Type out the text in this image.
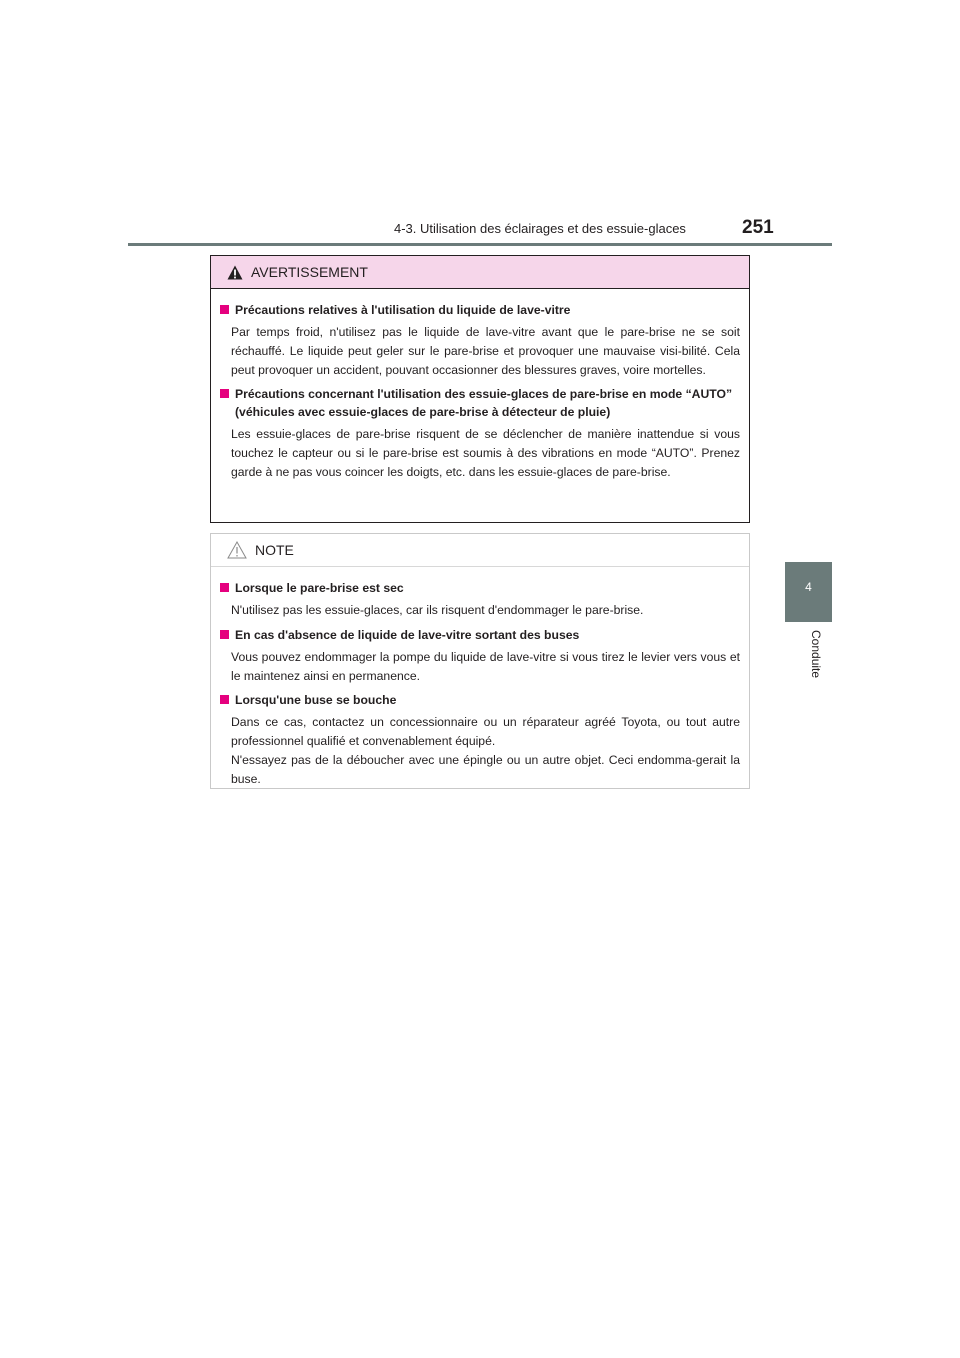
4-3. Utilisation des éclairages et des essuie-glaces	251
4
Conduite
AVERTISSEMENT
Précautions relatives à l'utilisation du liquide de lave-vitre
Par temps froid, n'utilisez pas le liquide de lave-vitre avant que le pare-brise ne se soit réchauffé. Le liquide peut geler sur le pare-brise et provoquer une mauvaise visi-bilité. Cela peut provoquer un accident, pouvant occasionner des blessures graves, voire mortelles.
Précautions concernant l'utilisation des essuie-glaces de pare-brise en mode “AUTO” (véhicules avec essuie-glaces de pare-brise à détecteur de pluie)
Les essuie-glaces de pare-brise risquent de se déclencher de manière inattendue si vous touchez le capteur ou si le pare-brise est soumis à des vibrations en mode “AUTO”. Prenez garde à ne pas vous coincer les doigts, etc. dans les essuie-glaces de pare-brise.
NOTE
Lorsque le pare-brise est sec
N'utilisez pas les essuie-glaces, car ils risquent d'endommager le pare-brise.
En cas d'absence de liquide de lave-vitre sortant des buses
Vous pouvez endommager la pompe du liquide de lave-vitre si vous tirez le levier vers vous et le maintenez ainsi en permanence.
Lorsqu'une buse se bouche
Dans ce cas, contactez un concessionnaire ou un réparateur agréé Toyota, ou tout autre professionnel qualifié et convenablement équipé.
N'essayez pas de la déboucher avec une épingle ou un autre objet. Ceci endomma-gerait la buse.
